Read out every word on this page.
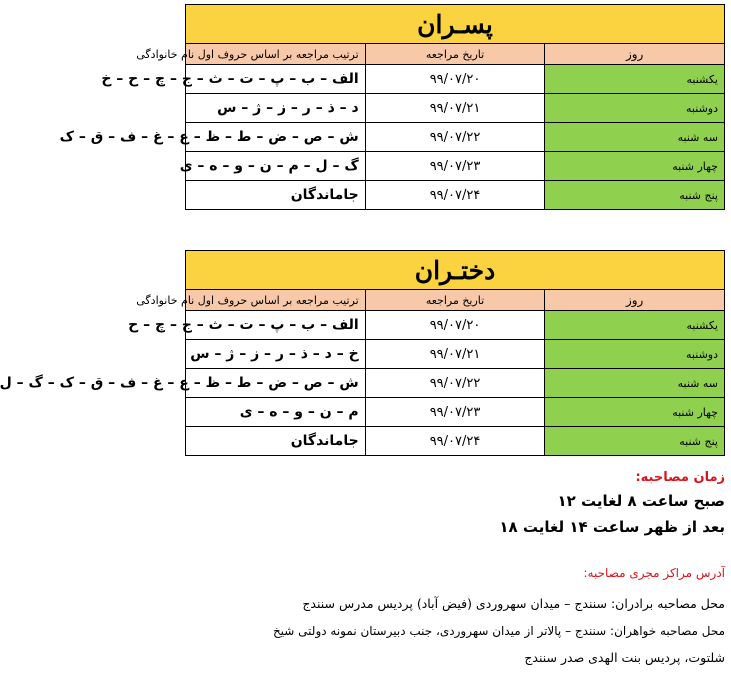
پسـران		
روز	تاریخ مراجعه	ترتیب مراجعه بر اساس حروف اول نام خانوادگی
یکشنبه	۹۹/۰۷/۲۰	الف – ب – پ – ت – ث – ج – چ – ح – خ
دوشنبه	۹۹/۰۷/۲۱	د – ذ – ر – ز – ژ – س
سه شنبه	۹۹/۰۷/۲۲	ش – ص – ض – ط – ظ – ع – غ – ف – ق – ک
چهار شنبه	۹۹/۰۷/۲۳	گ – ل – م – ن – و – ه – ی
پنج شنبه	۹۹/۰۷/۲۴	جاماندگان
دختـران		
روز	تاریخ مراجعه	ترتیب مراجعه بر اساس حروف اول نام خانوادگی
یکشنبه	۹۹/۰۷/۲۰	الف – ب – پ – ت – ث – ج – چ – ح
دوشنبه	۹۹/۰۷/۲۱	خ – د – ذ – ر – ز – ژ – س
سه شنبه	۹۹/۰۷/۲۲	ش – ص – ض – ط – ظ – ع – غ – ف – ق – ک – گ – ل
چهار شنبه	۹۹/۰۷/۲۳	م – ن – و – ه – ی
پنج شنبه	۹۹/۰۷/۲۴	جاماندگان

زمان مصاحبه:

صبح ساعت ۸ لغایت ۱۲

بعد از ظهر ساعت ۱۴ لغایت ۱۸

آدرس مراکز مجری مصاحبه:

محل مصاحبه برادران: سنندج – میدان سهروردی (فیض آباد) پردیس مدرس سنندج

محل مصاحبه خواهران: سنندج – پالاتر از میدان سهروردی، جنب دبیرستان نمونه دولتی شیخ

شلتوت، پردیس بنت الهدی صدر سنندج
